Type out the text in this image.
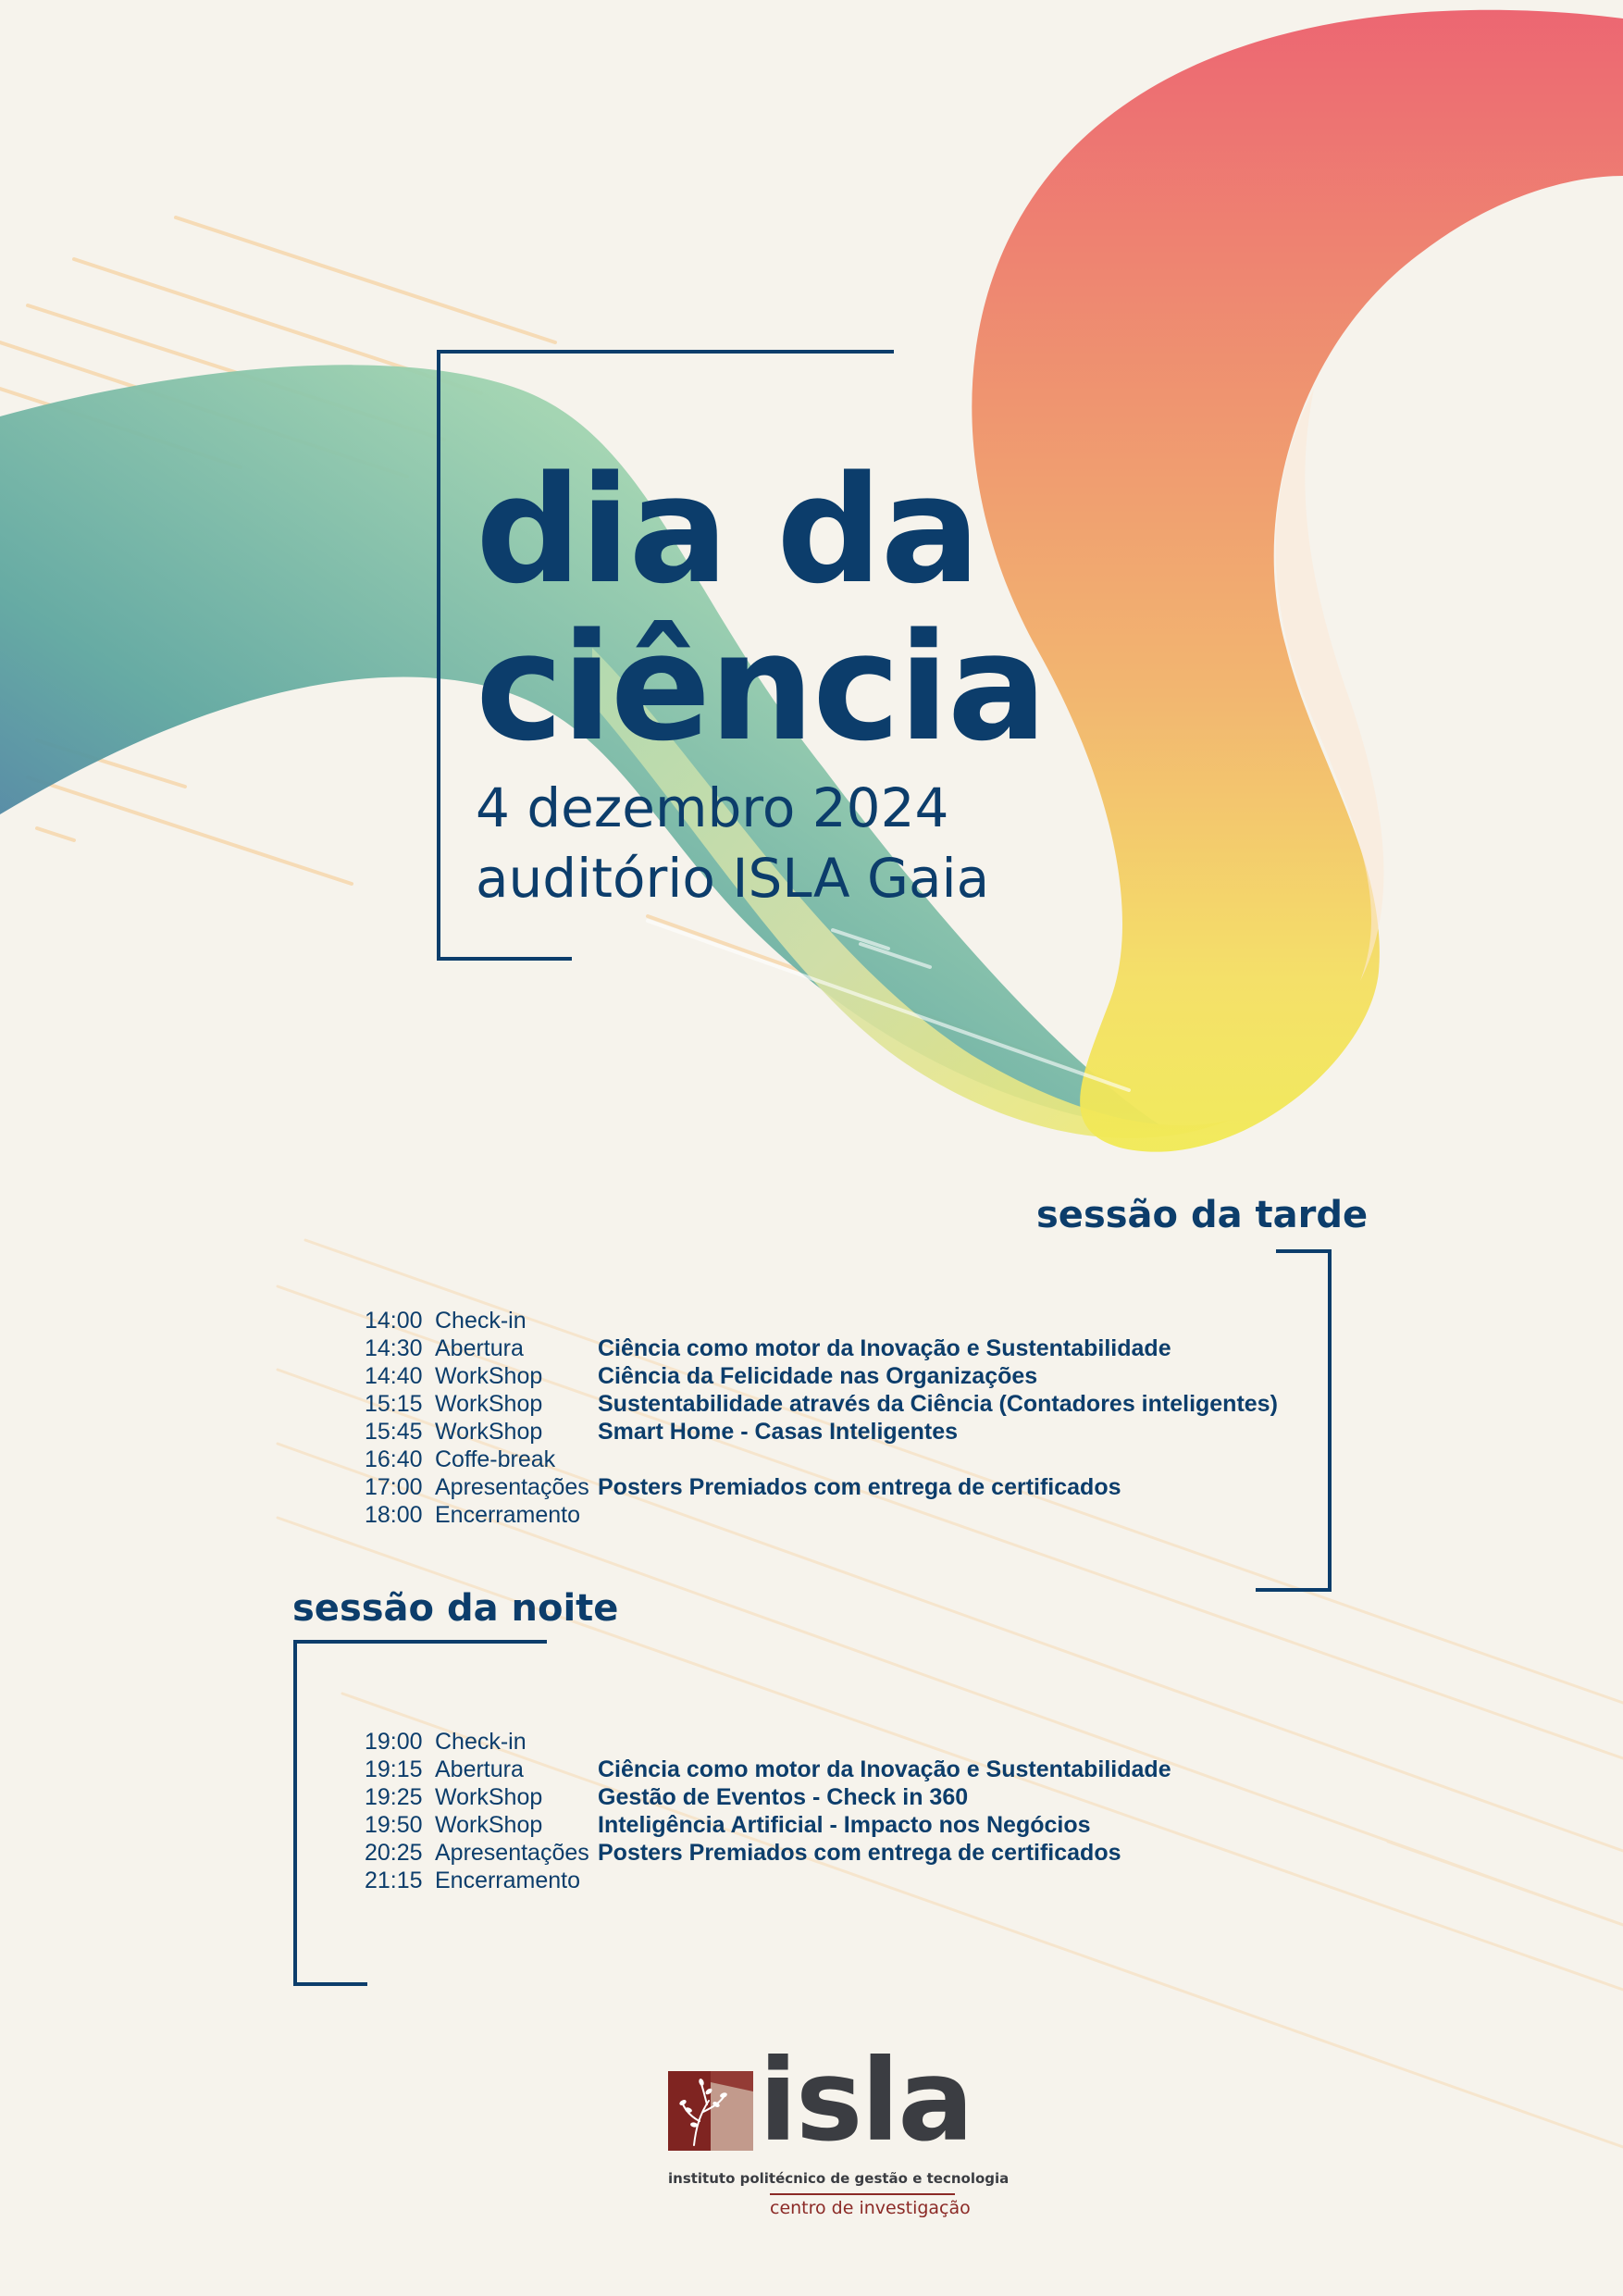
dia da
ciência
4 dezembro 2024
auditório ISLA Gaia
sessão da tarde
14:00 Check-in
14:30 Abertura	Ciência como motor da Inovação e Sustentabilidade
14:40 WorkShop Ciência da Felicidade nas Organizações
15:15 WorkShop Sustentabilidade através da Ciência (Contadores inteligentes)
15:45 WorkShop Smart Home - Casas Inteligentes
16:40 Coffe-break
17:00 Apresentações Posters Premiados com entrega de certificados
18:00 Encerramento
sessão da noite
19:00 Check-in
19:15 Abertura	Ciência como motor da Inovação e Sustentabilidade
19:25 WorkShop Gestão de Eventos - Check in 360
19:50 WorkShop Inteligência Artificial - Impacto nos Negócios
20:25 Apresentações Posters Premiados com entrega de certificados
21:15 Encerramento
isla
instituto politécnico de gestão e tecnologia
centro de investigação
